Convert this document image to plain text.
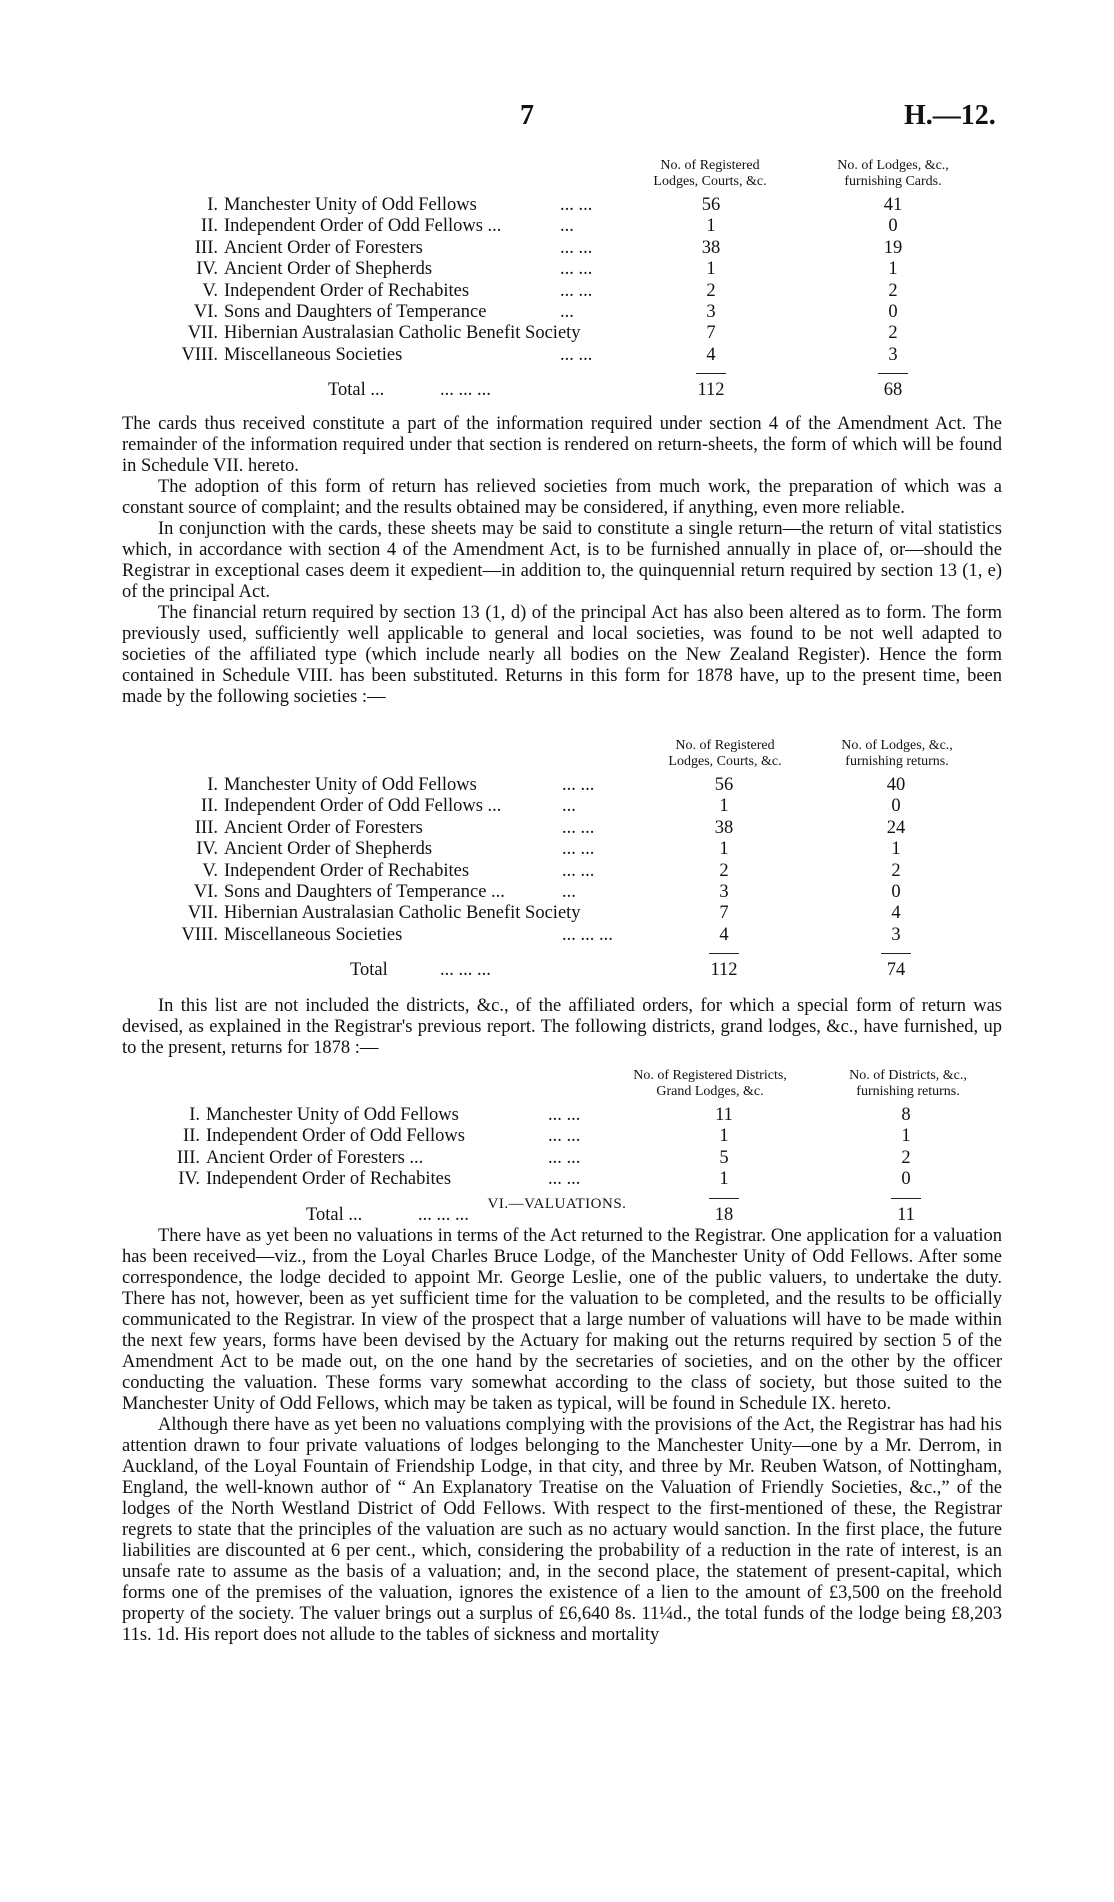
7	H.—12.
No. of Registered
Lodges, Courts, &c.
No. of Lodges, &c.,
furnishing Cards.
I. Manchester Unity of Odd Fellows	... ...	56	41
II. Independent Order of Odd Fellows ...	...	1	0
III. Ancient Order of Foresters	... ...	38	19
IV. Ancient Order of Shepherds	... ...	1	1
V. Independent Order of Rechabites	... ...	2	2
VI. Sons and Daughters of Temperance	...	3	0
VII. Hibernian Australasian Catholic Benefit Society	7	2
VIII. Miscellaneous Societies	... ...	4	3
Total ...	... ... ...	112	68

The cards thus received constitute a part of the information required under section 4 of the Amendment Act. The remainder of the information required under that section is rendered on return-sheets, the form of which will be found in Schedule VII. hereto.

The adoption of this form of return has relieved societies from much work, the preparation of which was a constant source of complaint; and the results obtained may be considered, if anything, even more reliable.

In conjunction with the cards, these sheets may be said to constitute a single return—the return of vital statistics which, in accordance with section 4 of the Amendment Act, is to be furnished annually in place of, or—should the Registrar in exceptional cases deem it expedient—in addition to, the quinquennial return required by section 13 (1, e) of the principal Act.

The financial return required by section 13 (1, d) of the principal Act has also been altered as to form. The form previously used, sufficiently well applicable to general and local societies, was found to be not well adapted to societies of the affiliated type (which include nearly all bodies on the New Zealand Register). Hence the form contained in Schedule VIII. has been substituted. Returns in this form for 1878 have, up to the present time, been made by the following societies :—

No. of Registered
Lodges, Courts, &c.
No. of Lodges, &c.,
furnishing returns.
I. Manchester Unity of Odd Fellows	... ...	56	40
II. Independent Order of Odd Fellows ...	...	1	0
III. Ancient Order of Foresters	... ...	38	24
IV. Ancient Order of Shepherds	... ...	1	1
V. Independent Order of Rechabites	... ...	2	2
VI. Sons and Daughters of Temperance ...	...	3	0
VII. Hibernian Australasian Catholic Benefit Society	7	4
VIII. Miscellaneous Societies	... ... ...	4	3
Total	... ... ...	112	74

In this list are not included the districts, &c., of the affiliated orders, for which a special form of return was devised, as explained in the Registrar's previous report. The following districts, grand lodges, &c., have furnished, up to the present, returns for 1878 :—

No. of Registered Districts,
Grand Lodges, &c.
No. of Districts, &c.,
furnishing returns.
I. Manchester Unity of Odd Fellows	... ...	11	8
II. Independent Order of Odd Fellows	... ...	1	1
III. Ancient Order of Foresters ...	... ...	5	2
IV. Independent Order of Rechabites	... ...	1	0
Total ...	... ... ...	18	11
VI.—VALUATIONS.

There have as yet been no valuations in terms of the Act returned to the Registrar. One application for a valuation has been received—viz., from the Loyal Charles Bruce Lodge, of the Manchester Unity of Odd Fellows. After some correspondence, the lodge decided to appoint Mr. George Leslie, one of the public valuers, to undertake the duty. There has not, however, been as yet sufficient time for the valuation to be completed, and the results to be officially communicated to the Registrar. In view of the prospect that a large number of valuations will have to be made within the next few years, forms have been devised by the Actuary for making out the returns required by section 5 of the Amendment Act to be made out, on the one hand by the secretaries of societies, and on the other by the officer conducting the valuation. These forms vary somewhat according to the class of society, but those suited to the Manchester Unity of Odd Fellows, which may be taken as typical, will be found in Schedule IX. hereto.

Although there have as yet been no valuations complying with the provisions of the Act, the Registrar has had his attention drawn to four private valuations of lodges belonging to the Manchester Unity—one by a Mr. Derrom, in Auckland, of the Loyal Fountain of Friendship Lodge, in that city, and three by Mr. Reuben Watson, of Nottingham, England, the well-known author of “ An Explanatory Treatise on the Valuation of Friendly Societies, &c.,” of the lodges of the North Westland District of Odd Fellows. With respect to the first-mentioned of these, the Registrar regrets to state that the principles of the valuation are such as no actuary would sanction. In the first place, the future liabilities are discounted at 6 per cent., which, considering the probability of a reduction in the rate of interest, is an unsafe rate to assume as the basis of a valuation; and, in the second place, the statement of present-capital, which forms one of the premises of the valuation, ignores the existence of a lien to the amount of £3,500 on the freehold property of the society. The valuer brings out a surplus of £6,640 8s. 11¼d., the total funds of the lodge being £8,203 11s. 1d. His report does not allude to the tables of sickness and mortality
